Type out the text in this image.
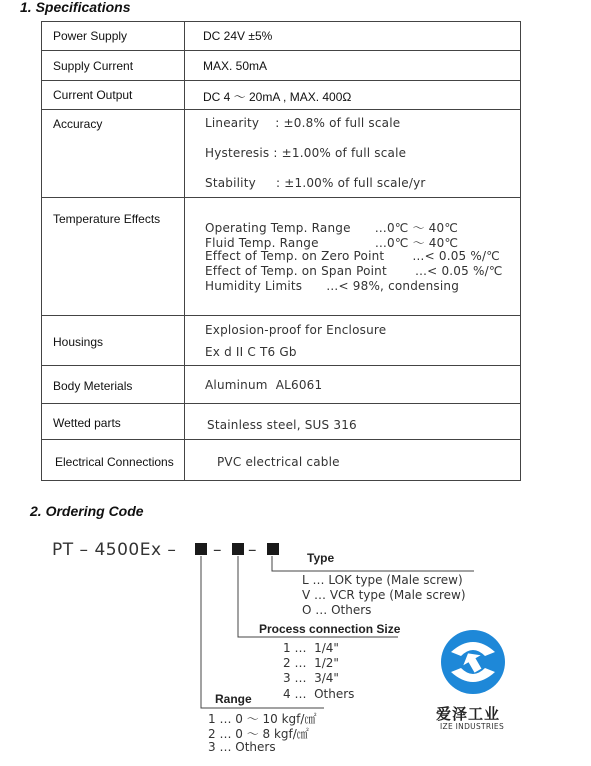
1. Specifications
Power Supply
Supply Current
Current Output
Accuracy
Temperature Effects
Housings
Body Meterials
Wetted parts
Electrical Connections
DC 24V ±5%
MAX. 50mA
DC 4 ～ 20mA , MAX. 400Ω
Linearity    : ±0.8% of full scale
Hysteresis : ±1.00% of full scale
Stability     : ±1.00% of full scale/yr
Operating Temp. Range      …0℃ ～ 40℃
Fluid Temp. Range              …0℃ ～ 40℃
Effect of Temp. on Zero Point       …< 0.05 %/℃
Effect of Temp. on Span Point       …< 0.05 %/℃
Humidity Limits      …< 98%, condensing
Explosion-proof for Enclosure
Ex d II C T6 Gb
Aluminum  AL6061
Stainless steel, SUS 316
PVC electrical cable
2. Ordering Code
PT – 4500Ex – – –	Type
L … LOK type (Male screw)
V … VCR type (Male screw)
O … Others
Process connection Size
1 …  1/4"
2 …  1/2"
3 …  3/4"
4 …  Others
Range
1 … 0 ～ 10 kgf/㎠
2 … 0 ～ 8 kgf/㎠
3 … Others
爱泽工业
IZE INDUSTRIES
